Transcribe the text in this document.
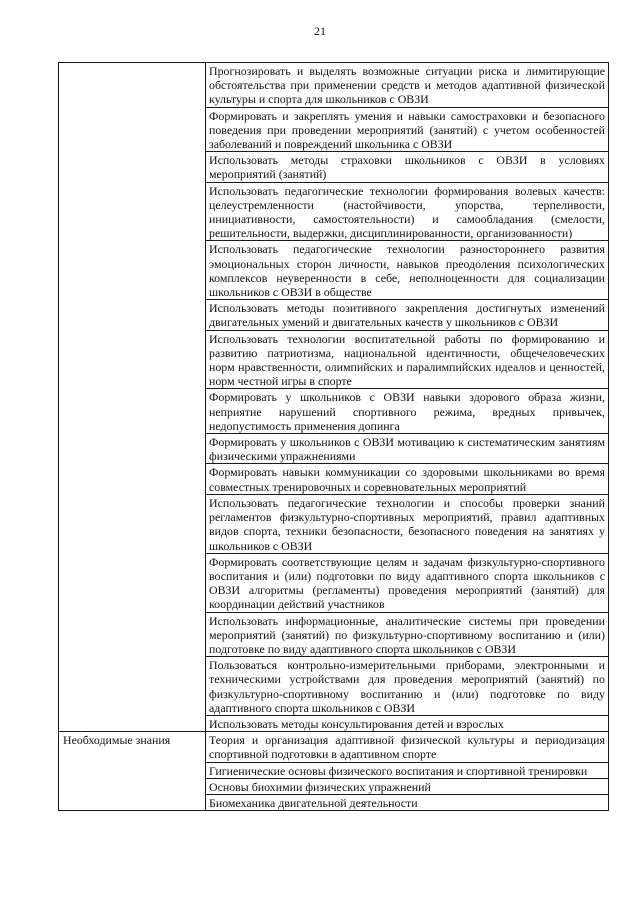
21
	Прогнозировать и выделять возможные ситуации риска и лимитирующие обстоятельства при применении средств и методов адаптивной физической культуры и спорта для школьников с ОВЗИ
	Формировать и закреплять умения и навыки самостраховки и безопасного поведения при проведении мероприятий (занятий) с учетом особенностей заболеваний и повреждений школьника с ОВЗИ
	Использовать методы страховки школьников с ОВЗИ в условиях мероприятий (занятий)
	Использовать педагогические технологии формирования волевых качеств: целеустремленности (настойчивости, упорства, терпеливости, инициативности, самостоятельности) и самообладания (смелости, решительности, выдержки, дисциплинированности, организованности)
	Использовать педагогические технологии разностороннего развития эмоциональных сторон личности, навыков преодоления психологических комплексов неуверенности в себе, неполноценности для социализации школьников с ОВЗИ в обществе
	Использовать методы позитивного закрепления достигнутых изменений двигательных умений и двигательных качеств у школьников с ОВЗИ
	Использовать технологии воспитательной работы по формированию и развитию патриотизма, национальной идентичности, общечеловеческих норм нравственности, олимпийских и паралимпийских идеалов и ценностей, норм честной игры в спорте
	Формировать у школьников с ОВЗИ навыки здорового образа жизни, неприятие нарушений спортивного режима, вредных привычек, недопустимость применения допинга
	Формировать у школьников с ОВЗИ мотивацию к систематическим занятиям физическими упражнениями
	Формировать навыки коммуникации со здоровыми школьниками во время совместных тренировочных и соревновательных мероприятий
	Использовать педагогические технологии и способы проверки знаний регламентов физкультурно-спортивных мероприятий, правил адаптивных видов спорта, техники безопасности, безопасного поведения на занятиях у школьников с ОВЗИ
	Формировать соответствующие целям и задачам физкультурно-спортивного воспитания и (или) подготовки по виду адаптивного спорта школьников с ОВЗИ алгоритмы (регламенты) проведения мероприятий (занятий) для координации действий участников
	Использовать информационные, аналитические системы при проведении мероприятий (занятий) по физкультурно-спортивному воспитанию и (или) подготовке по виду адаптивного спорта школьников с ОВЗИ
	Пользоваться контрольно-измерительными приборами, электронными и техническими устройствами для проведения мероприятий (занятий) по физкультурно-спортивному воспитанию и (или) подготовке по виду адаптивного спорта школьников с ОВЗИ
	Использовать методы консультирования детей и взрослых
Необходимые знания	Теория и организация адаптивной физической культуры и периодизация спортивной подготовки в адаптивном спорте
	Гигиенические основы физического воспитания и спортивной тренировки
	Основы биохимии физических упражнений
	Биомеханика двигательной деятельности
